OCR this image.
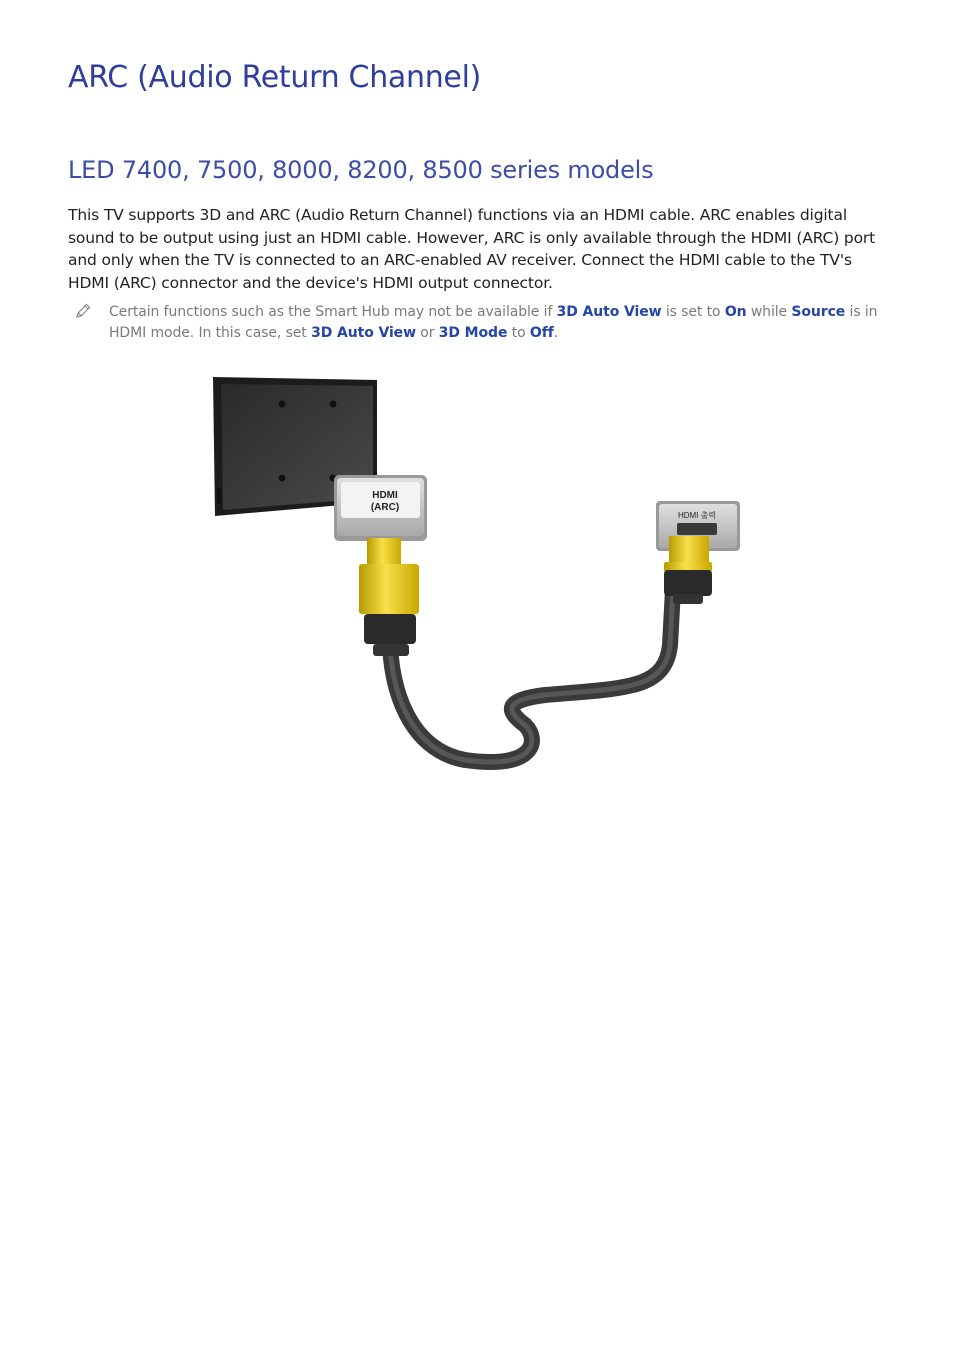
ARC (Audio Return Channel)
LED 7400, 7500, 8000, 8200, 8500 series models

This TV supports 3D and ARC (Audio Return Channel) functions via an HDMI cable. ARC enables digital sound to be output using just an HDMI cable. However, ARC is only available through the HDMI (ARC) port and only when the TV is connected to an ARC-enabled AV receiver. Connect the HDMI cable to the TV's HDMI (ARC) connector and the device's HDMI output connector.

Certain functions such as the Smart Hub may not be available if 3D Auto View is set to On while Source is in HDMI mode. In this case, set 3D Auto View or 3D Mode to Off.

HDMI
(ARC)
HDMI 출력
